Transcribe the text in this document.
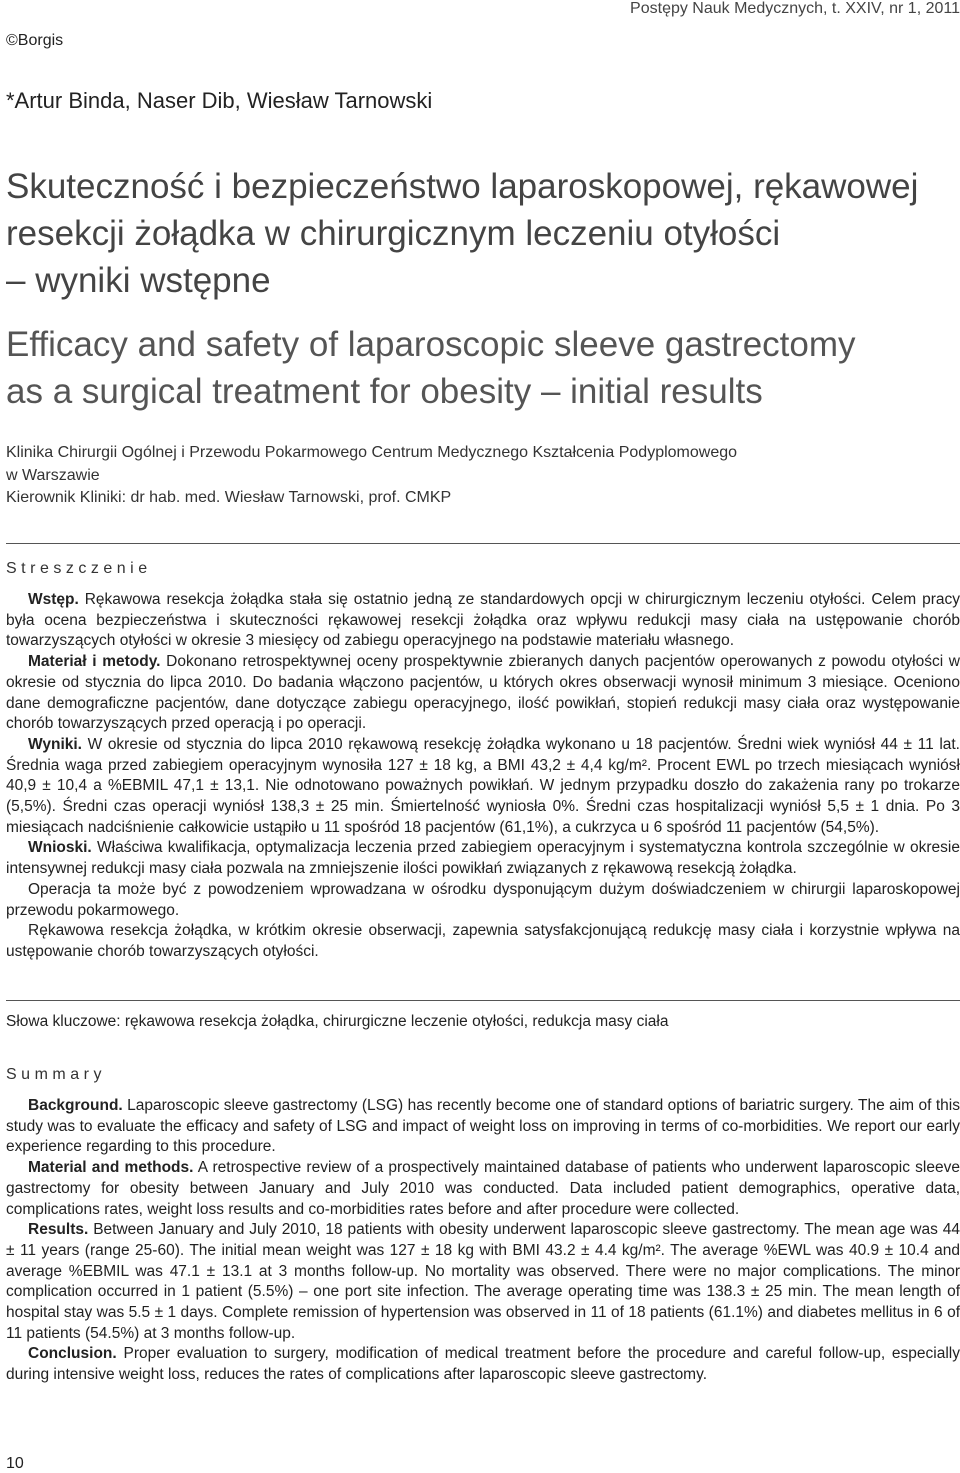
Postępy Nauk Medycznych, t. XXIV, nr 1, 2011
©Borgis
*Artur Binda, Naser Dib, Wiesław Tarnowski
Skuteczność i bezpieczeństwo laparoskopowej, rękawowej
resekcji żołądka w chirurgicznym leczeniu otyłości
– wyniki wstępne
Efficacy and safety of laparoscopic sleeve gastrectomy
as a surgical treatment for obesity – initial results
Klinika Chirurgii Ogólnej i Przewodu Pokarmowego Centrum Medycznego Kształcenia Podyplomowego
w Warszawie
Kierownik Kliniki: dr hab. med. Wiesław Tarnowski, prof. CMKP
Streszczenie
Wstęp. Rękawowa resekcja żołądka stała się ostatnio jedną ze standardowych opcji w chirurgicznym leczeniu otyłości. Celem pracy była ocena bezpieczeństwa i skuteczności rękawowej resekcji żołądka oraz wpływu redukcji masy ciała na ustępowanie chorób towarzyszących otyłości w okresie 3 miesięcy od zabiegu operacyjnego na podstawie materiału własnego.
Materiał i metody. Dokonano retrospektywnej oceny prospektywnie zbieranych danych pacjentów operowanych z powodu otyłości w okresie od stycznia do lipca 2010. Do badania włączono pacjentów, u których okres obserwacji wynosił minimum 3 miesiące. Oceniono dane demograficzne pacjentów, dane dotyczące zabiegu operacyjnego, ilość powikłań, stopień redukcji masy ciała oraz występowanie chorób towarzyszących przed operacją i po operacji.
Wyniki. W okresie od stycznia do lipca 2010 rękawową resekcję żołądka wykonano u 18 pacjentów. Średni wiek wyniósł 44 ± 11 lat. Średnia waga przed zabiegiem operacyjnym wynosiła 127 ± 18 kg, a BMI 43,2 ± 4,4 kg/m². Procent EWL po trzech miesiącach wyniósł 40,9 ± 10,4 a %EBMIL 47,1 ± 13,1. Nie odnotowano poważnych powikłań. W jednym przypadku doszło do zakażenia rany po trokarze (5,5%). Średni czas operacji wyniósł 138,3 ± 25 min. Śmiertelność wyniosła 0%. Średni czas hospitalizacji wyniósł 5,5 ± 1 dnia. Po 3 miesiącach nadciśnienie całkowicie ustąpiło u 11 spośród 18 pacjentów (61,1%), a cukrzyca u 6 spośród 11 pacjentów (54,5%).
Wnioski. Właściwa kwalifikacja, optymalizacja leczenia przed zabiegiem operacyjnym i systematyczna kontrola szczególnie w okresie intensywnej redukcji masy ciała pozwala na zmniejszenie ilości powikłań związanych z rękawową resekcją żołądka.
Operacja ta może być z powodzeniem wprowadzana w ośrodku dysponującym dużym doświadczeniem w chirurgii laparoskopowej przewodu pokarmowego.
Rękawowa resekcja żołądka, w krótkim okresie obserwacji, zapewnia satysfakcjonującą redukcję masy ciała i korzystnie wpływa na ustępowanie chorób towarzyszących otyłości.
Słowa kluczowe: rękawowa resekcja żołądka, chirurgiczne leczenie otyłości, redukcja masy ciała
Summary
Background. Laparoscopic sleeve gastrectomy (LSG) has recently become one of standard options of bariatric surgery. The aim of this study was to evaluate the efficacy and safety of LSG and impact of weight loss on improving in terms of co-morbidities. We report our early experience regarding to this procedure.
Material and methods. A retrospective review of a prospectively maintained database of patients who underwent laparoscopic sleeve gastrectomy for obesity between January and July 2010 was conducted. Data included patient demographics, operative data, complications rates, weight loss results and co-morbidities rates before and after procedure were collected.
Results. Between January and July 2010, 18 patients with obesity underwent laparoscopic sleeve gastrectomy. The mean age was 44 ± 11 years (range 25-60). The initial mean weight was 127 ± 18 kg with BMI 43.2 ± 4.4 kg/m². The average %EWL was 40.9 ± 10.4 and average %EBMIL was 47.1 ± 13.1 at 3 months follow-up. No mortality was observed. There were no major complications. The minor complication occurred in 1 patient (5.5%) – one port site infection. The average operating time was 138.3 ± 25 min. The mean length of hospital stay was 5.5 ± 1 days. Complete remission of hypertension was observed in 11 of 18 patients (61.1%) and diabetes mellitus in 6 of 11 patients (54.5%) at 3 months follow-up.
Conclusion. Proper evaluation to surgery, modification of medical treatment before the procedure and careful follow-up, especially during intensive weight loss, reduces the rates of complications after laparoscopic sleeve gastrectomy.
10
